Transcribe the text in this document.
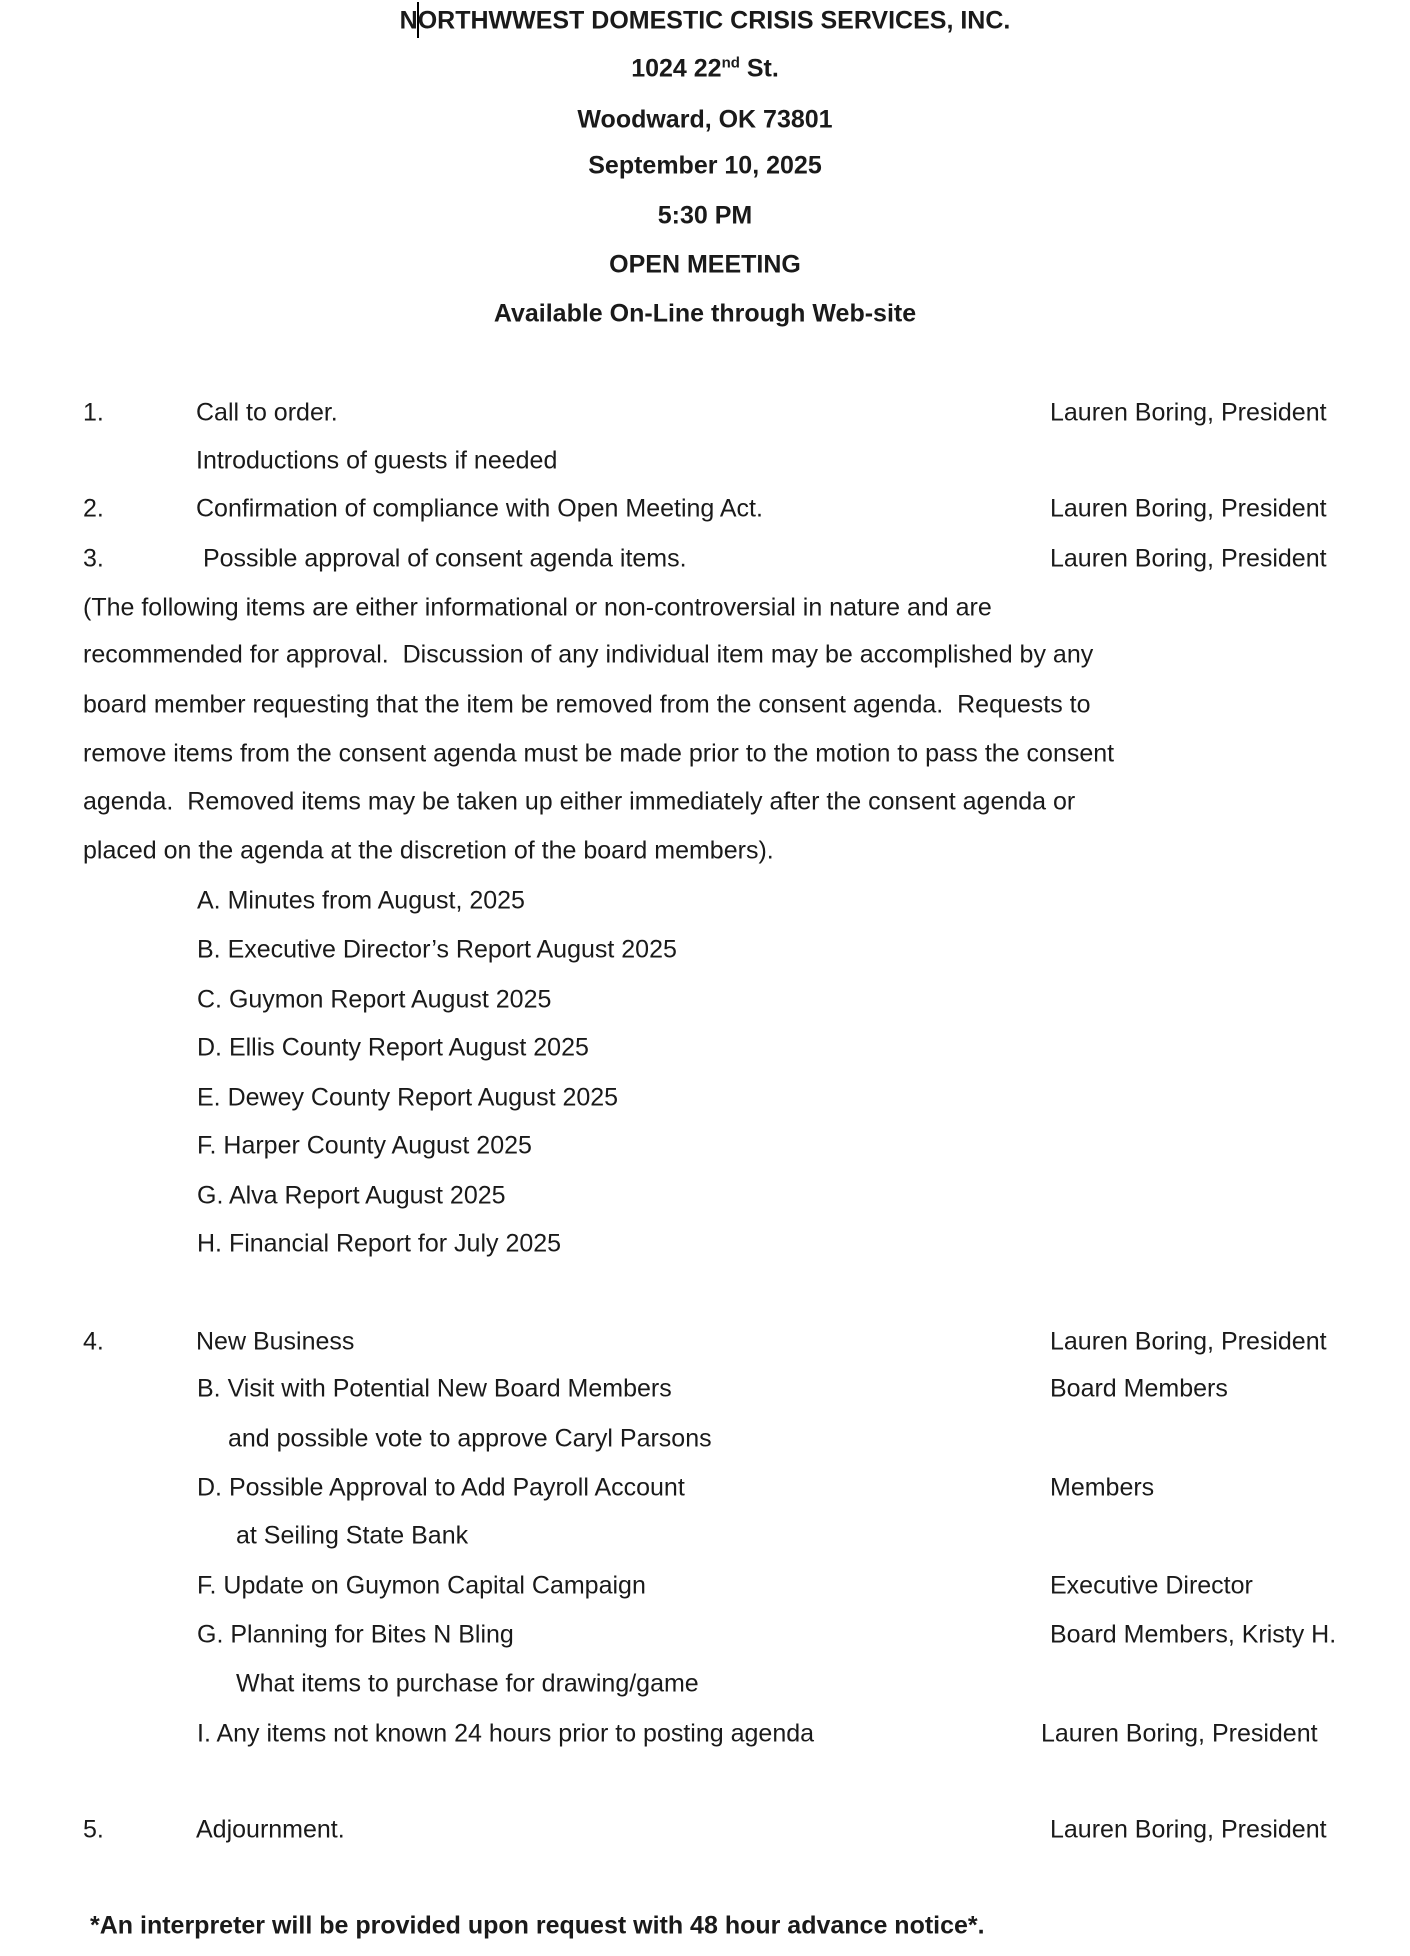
NORTHWWEST DOMESTIC CRISIS SERVICES, INC.
1024 22nd St.
Woodward, OK 73801
September 10, 2025
5:30 PM
OPEN MEETING
Available On-Line through Web-site
1.	Call to order.	Lauren Boring, President
Introductions of guests if needed
2.	Confirmation of compliance with Open Meeting Act.	Lauren Boring, President
3.	Possible approval of consent agenda items.	Lauren Boring, President
(The following items are either informational or non-controversial in nature and are
recommended for approval.  Discussion of any individual item may be accomplished by any
board member requesting that the item be removed from the consent agenda.  Requests to
remove items from the consent agenda must be made prior to the motion to pass the consent
agenda.  Removed items may be taken up either immediately after the consent agenda or
placed on the agenda at the discretion of the board members).
A. Minutes from August, 2025
B. Executive Director’s Report August 2025
C. Guymon Report August 2025
D. Ellis County Report August 2025
E. Dewey County Report August 2025
F. Harper County August 2025
G. Alva Report August 2025
H. Financial Report for July 2025
4.	New Business	Lauren Boring, President
B. Visit with Potential New Board Members	Board Members
and possible vote to approve Caryl Parsons
D. Possible Approval to Add Payroll Account	Members
at Seiling State Bank
F. Update on Guymon Capital Campaign	Executive Director
G. Planning for Bites N Bling	Board Members, Kristy H.
What items to purchase for drawing/game
I. Any items not known 24 hours prior to posting agenda	Lauren Boring, President
5.	Adjournment.	Lauren Boring, President
*An interpreter will be provided upon request with 48 hour advance notice*.
